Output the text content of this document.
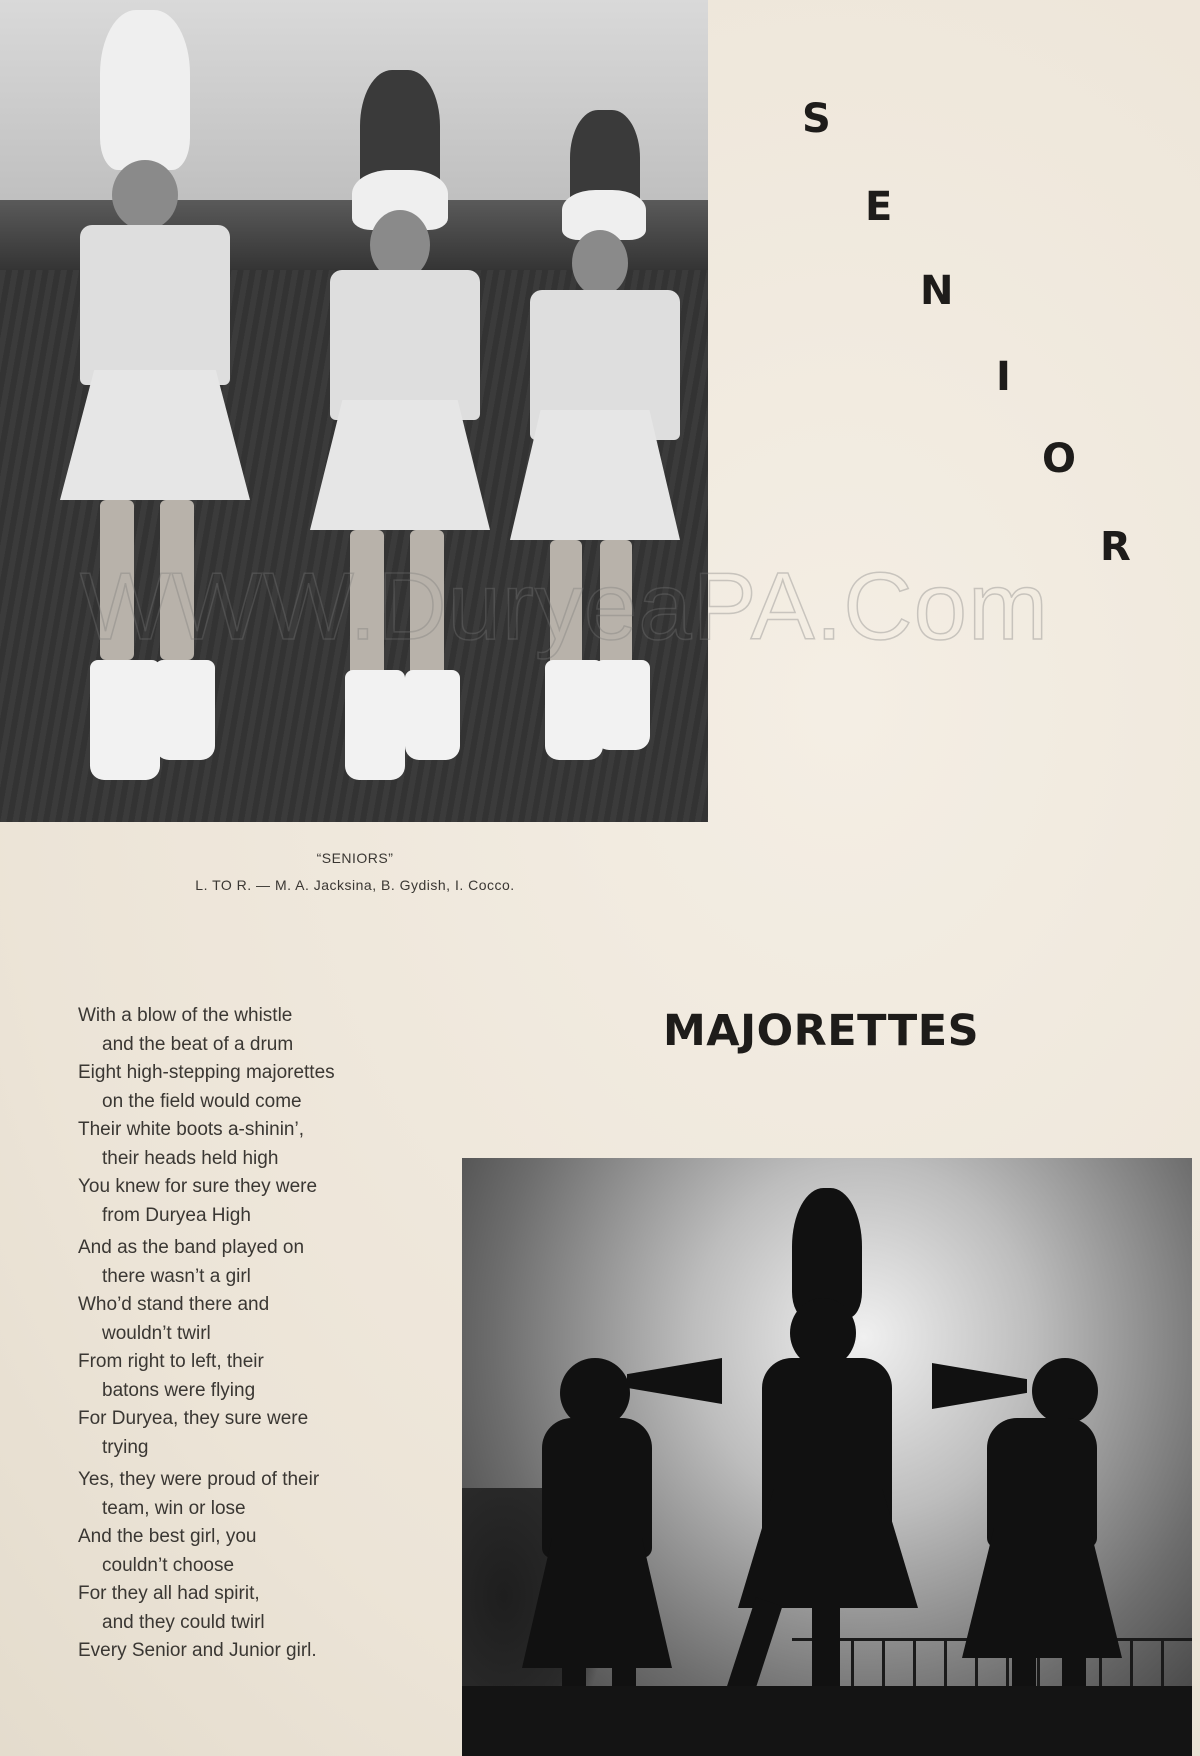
S
E
N
I
O
R
“SENIORS”
L. TO R. — M. A. Jacksina, B. Gydish, I. Cocco.
MAJORETTES
With a blow of the whistle
and the beat of a drum
Eight high-stepping majorettes
on the field would come
Their white boots a-shinin’,
their heads held high
You knew for sure they were
from Duryea High
And as the band played on
there wasn’t a girl
Who’d stand there and
wouldn’t twirl
From right to left, their
batons were flying
For Duryea, they sure were
trying
Yes, they were proud of their
team, win or lose
And the best girl, you
couldn’t choose
For they all had spirit,
and they could twirl
Every Senior and Junior girl.
